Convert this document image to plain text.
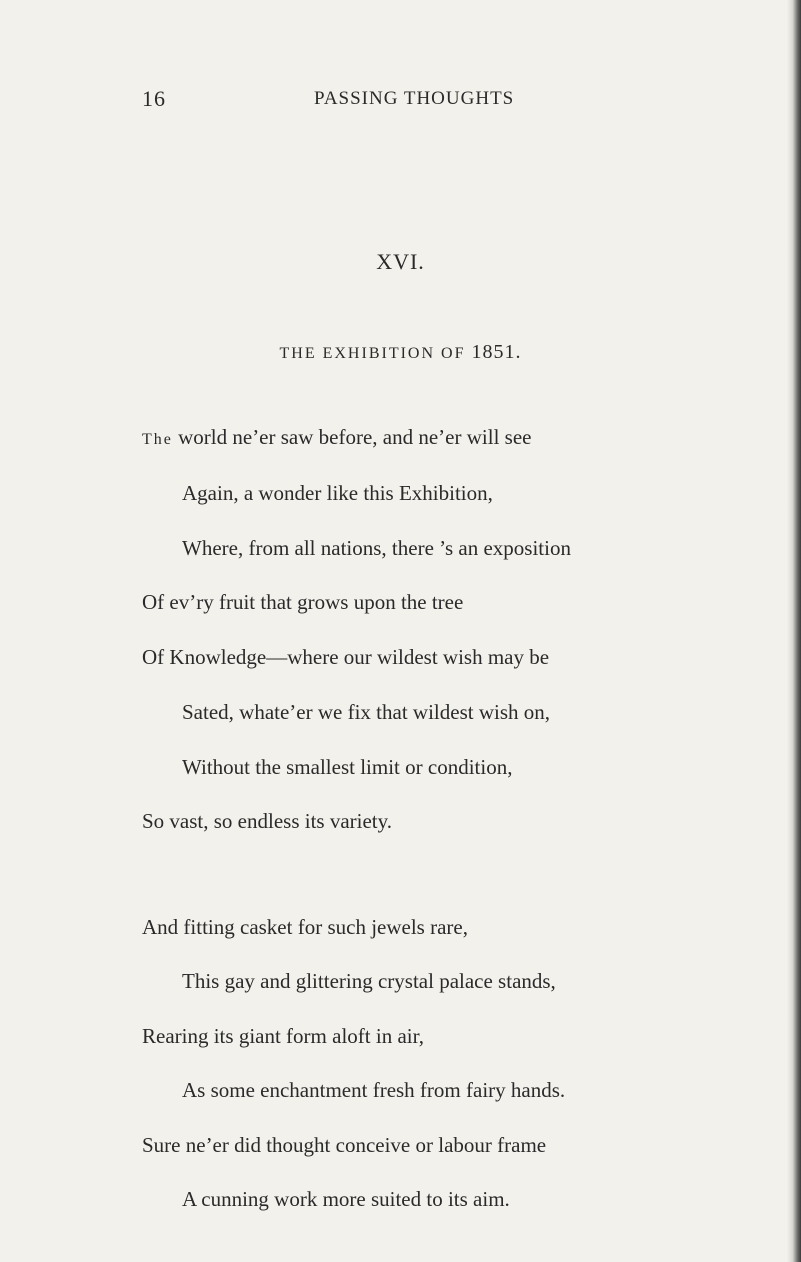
16	PASSING THOUGHTS
XVI.
THE EXHIBITION OF 1851.
The world ne’er saw before, and ne’er will see
Again, a wonder like this Exhibition,
Where, from all nations, there ’s an exposition
Of ev’ry fruit that grows upon the tree
Of Knowledge—where our wildest wish may be
Sated, whate’er we fix that wildest wish on,
Without the smallest limit or condition,
So vast, so endless its variety.
And fitting casket for such jewels rare,
This gay and glittering crystal palace stands,
Rearing its giant form aloft in air,
As some enchantment fresh from fairy hands.
Sure ne’er did thought conceive or labour frame
A cunning work more suited to its aim.
